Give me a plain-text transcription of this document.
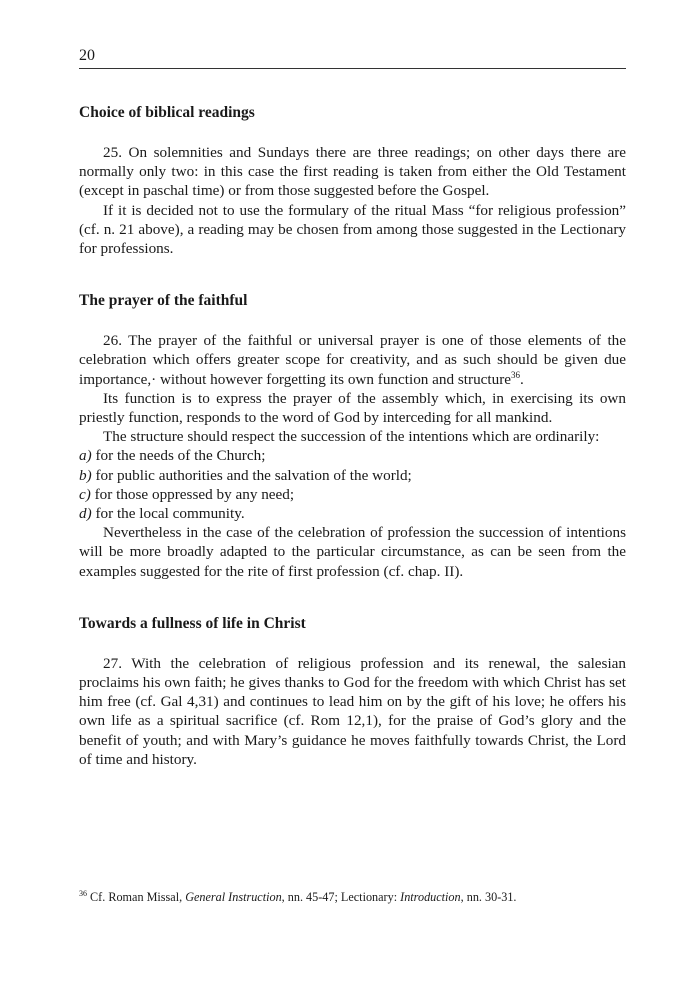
20
Choice of biblical readings

25. On solemnities and Sundays there are three readings; on other days there are normally only two: in this case the first reading is taken from either the Old Testament (except in paschal time) or from those suggested before the Gospel.

If it is decided not to use the formulary of the ritual Mass “for religious profession” (cf. n. 21 above), a reading may be chosen from among those suggested in the Lectionary for professions.

The prayer of the faithful

26. The prayer of the faithful or universal prayer is one of those elements of the celebration which offers greater scope for creativity, and as such should be given due importance,· without however forgetting its own function and structure$^{36}$.

Its function is to express the prayer of the assembly which, in exercising its own priestly function, responds to the word of God by interceding for all mankind.

The structure should respect the succession of the intentions which are ordinarily:

a) for the needs of the Church;
b) for public authorities and the salvation of the world;
c) for those oppressed by any need;
d) for the local community.

Nevertheless in the case of the celebration of profession the succession of intentions will be more broadly adapted to the particular circumstance, as can be seen from the examples suggested for the rite of first profession (cf. chap. II).

Towards a fullness of life in Christ

27. With the celebration of religious profession and its renewal, the salesian proclaims his own faith; he gives thanks to God for the freedom with which Christ has set him free (cf. Gal 4,31) and continues to lead him on by the gift of his love; he offers his own life as a spiritual sacrifice (cf. Rom 12,1), for the praise of God’s glory and the benefit of youth; and with Mary’s guidance he moves faithfully towards Christ, the Lord of time and history.

$^{36}$ Cf. Roman Missal, General Instruction, nn. 45-47; Lectionary: Introduction, nn. 30-31.
